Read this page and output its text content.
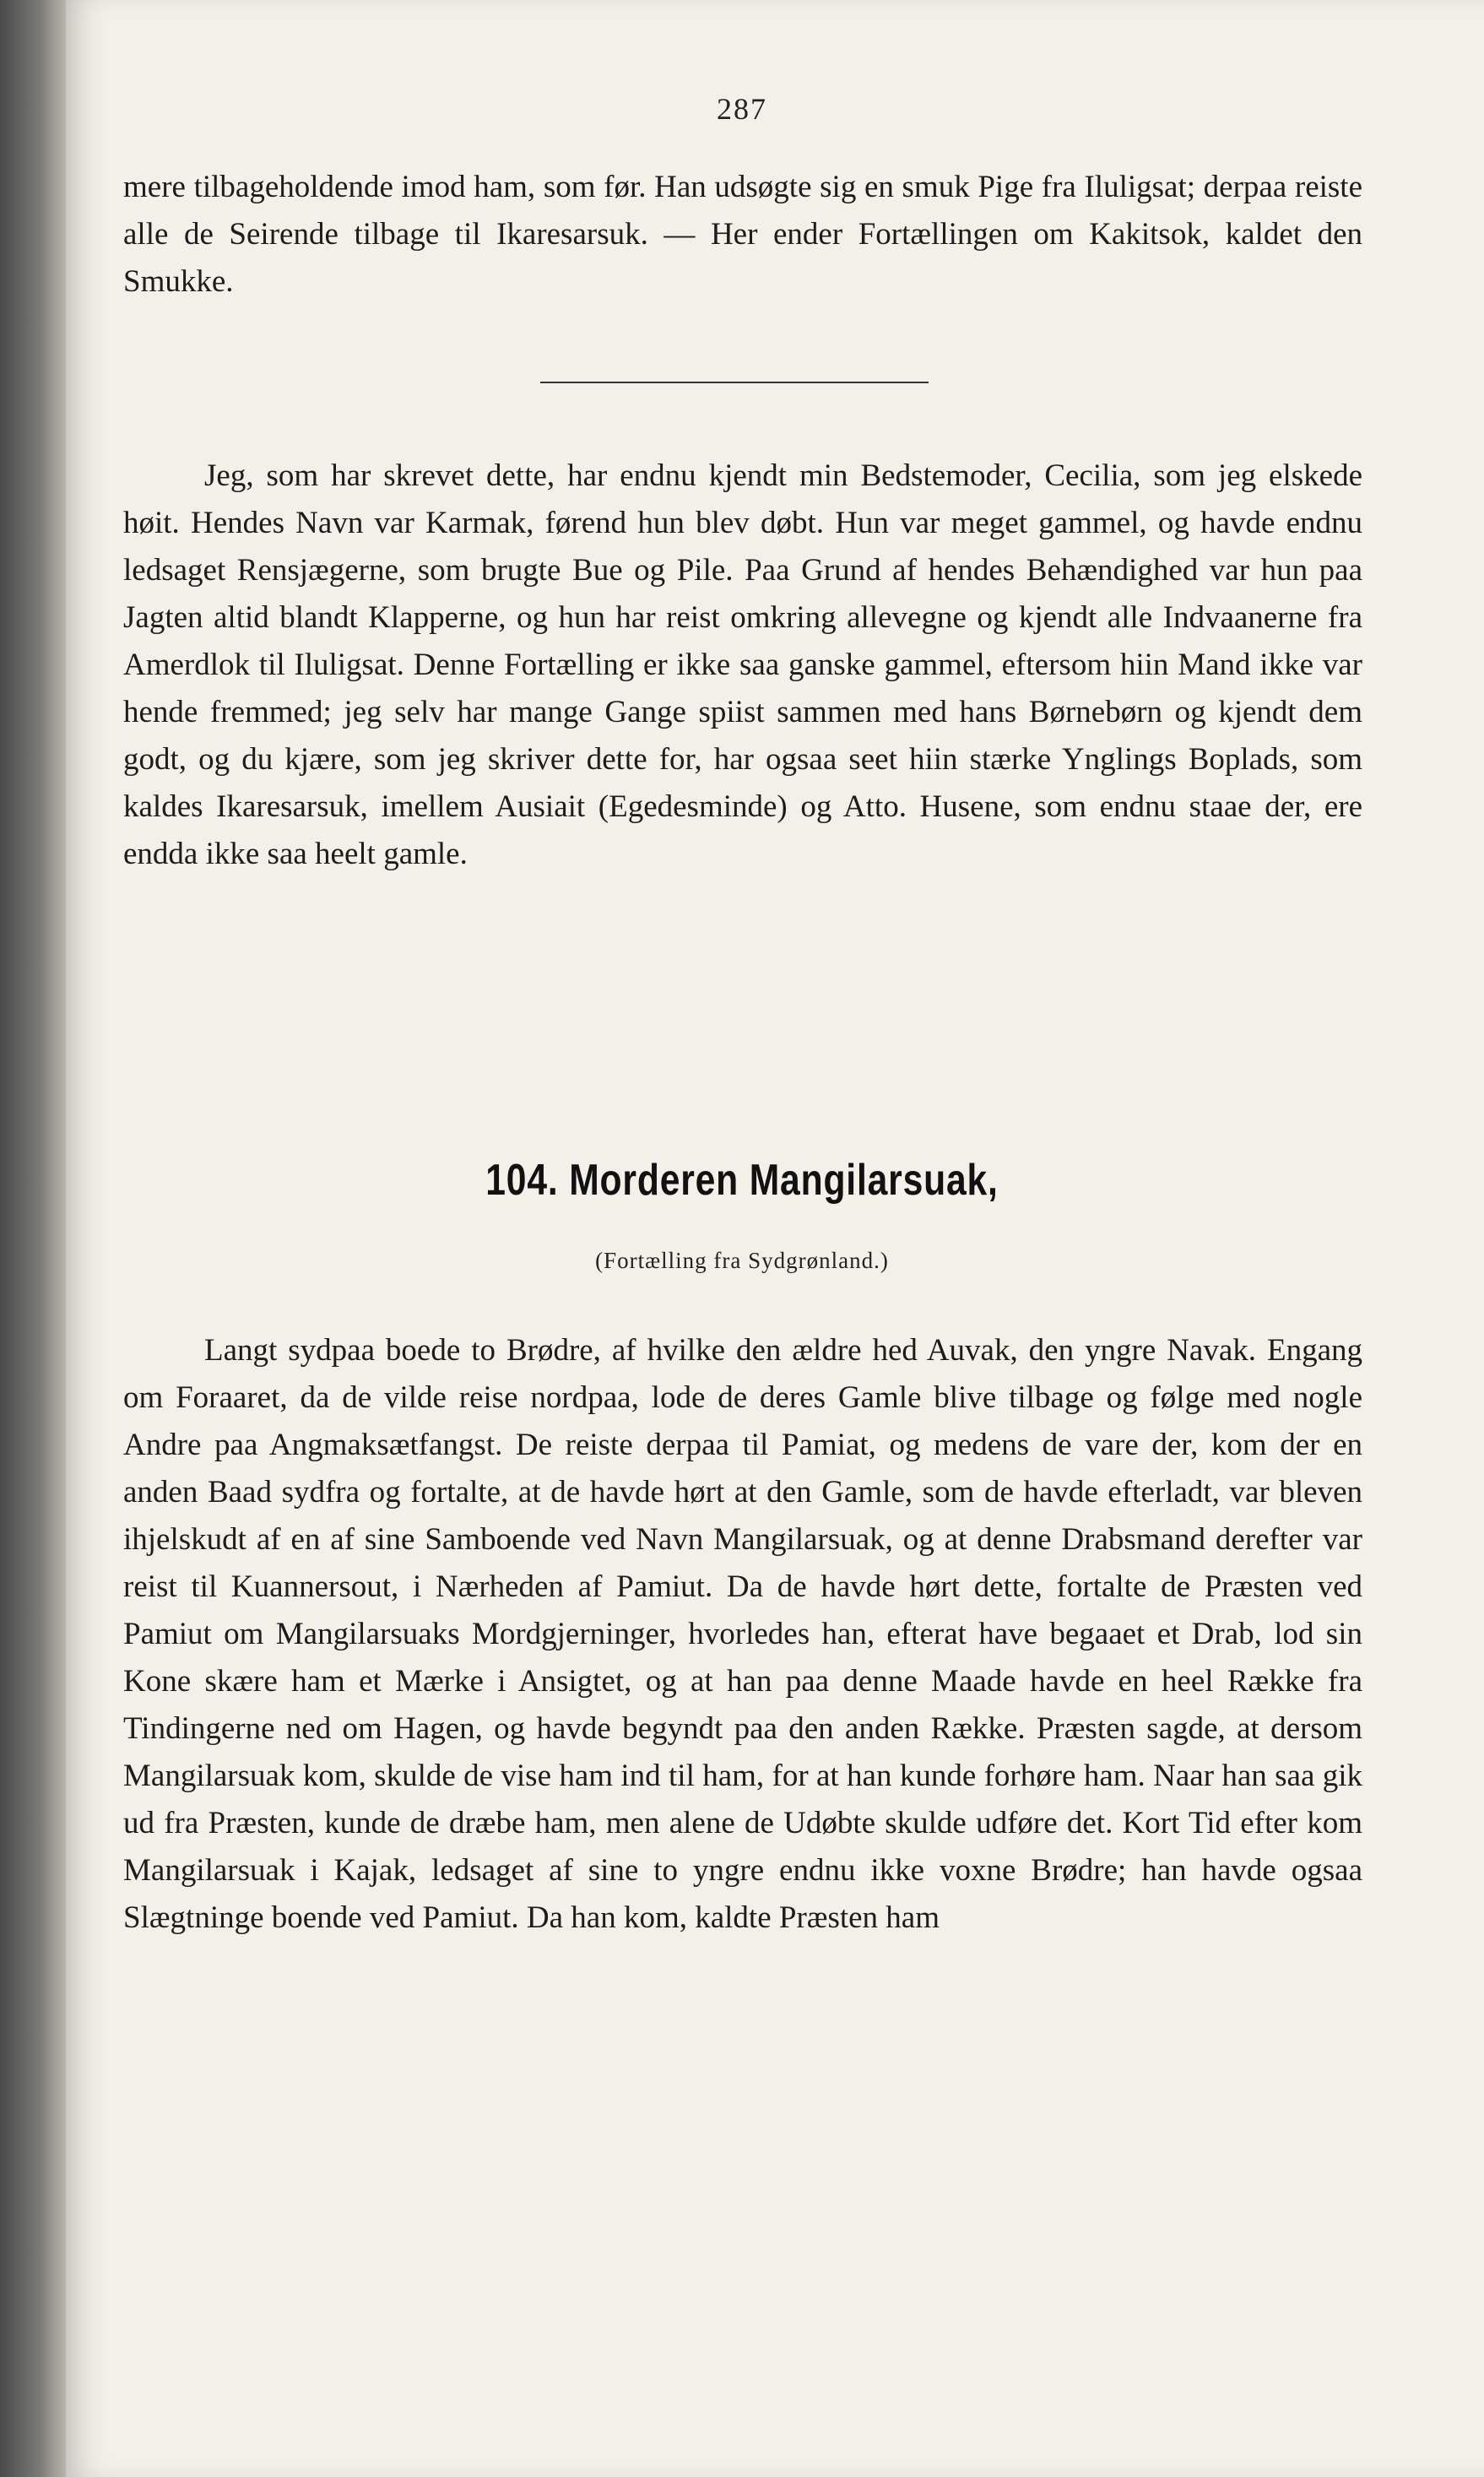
287

mere tilbageholdende imod ham, som før. Han udsøgte sig en smuk Pige fra Iluligsat; derpaa reiste alle de Seirende tilbage til Ikaresarsuk. — Her ender Fortællingen om Kakitsok, kaldet den Smukke.

Jeg, som har skrevet dette, har endnu kjendt min Bedstemoder, Cecilia, som jeg elskede høit. Hendes Navn var Karmak, førend hun blev døbt. Hun var meget gammel, og havde endnu ledsaget Rensjægerne, som brugte Bue og Pile. Paa Grund af hendes Behændighed var hun paa Jagten altid blandt Klapperne, og hun har reist omkring allevegne og kjendt alle Indvaanerne fra Amerdlok til Iluligsat. Denne Fortælling er ikke saa ganske gammel, eftersom hiin Mand ikke var hende fremmed; jeg selv har mange Gange spiist sammen med hans Børnebørn og kjendt dem godt, og du kjære, som jeg skriver dette for, har ogsaa seet hiin stærke Ynglings Boplads, som kaldes Ikaresarsuk, imellem Ausiait (Egedesminde) og Atto. Husene, som endnu staae der, ere endda ikke saa heelt gamle.

104. Morderen Mangilarsuak,
(Fortælling fra Sydgrønland.)

Langt sydpaa boede to Brødre, af hvilke den ældre hed Auvak, den yngre Navak. Engang om Foraaret, da de vilde reise nordpaa, lode de deres Gamle blive tilbage og følge med nogle Andre paa Angmaksætfangst. De reiste derpaa til Pamiat, og medens de vare der, kom der en anden Baad sydfra og fortalte, at de havde hørt at den Gamle, som de havde efterladt, var bleven ihjelskudt af en af sine Samboende ved Navn Mangilarsuak, og at denne Drabsmand derefter var reist til Kuannersout, i Nærheden af Pamiut. Da de havde hørt dette, fortalte de Præsten ved Pamiut om Mangilarsuaks Mordgjerninger, hvorledes han, efterat have begaaet et Drab, lod sin Kone skære ham et Mærke i Ansigtet, og at han paa denne Maade havde en heel Række fra Tindingerne ned om Hagen, og havde begyndt paa den anden Række. Præsten sagde, at dersom Mangilarsuak kom, skulde de vise ham ind til ham, for at han kunde forhøre ham. Naar han saa gik ud fra Præsten, kunde de dræbe ham, men alene de Udøbte skulde udføre det. Kort Tid efter kom Mangilarsuak i Kajak, ledsaget af sine to yngre endnu ikke voxne Brødre; han havde ogsaa Slægtninge boende ved Pamiut. Da han kom, kaldte Præsten ham
